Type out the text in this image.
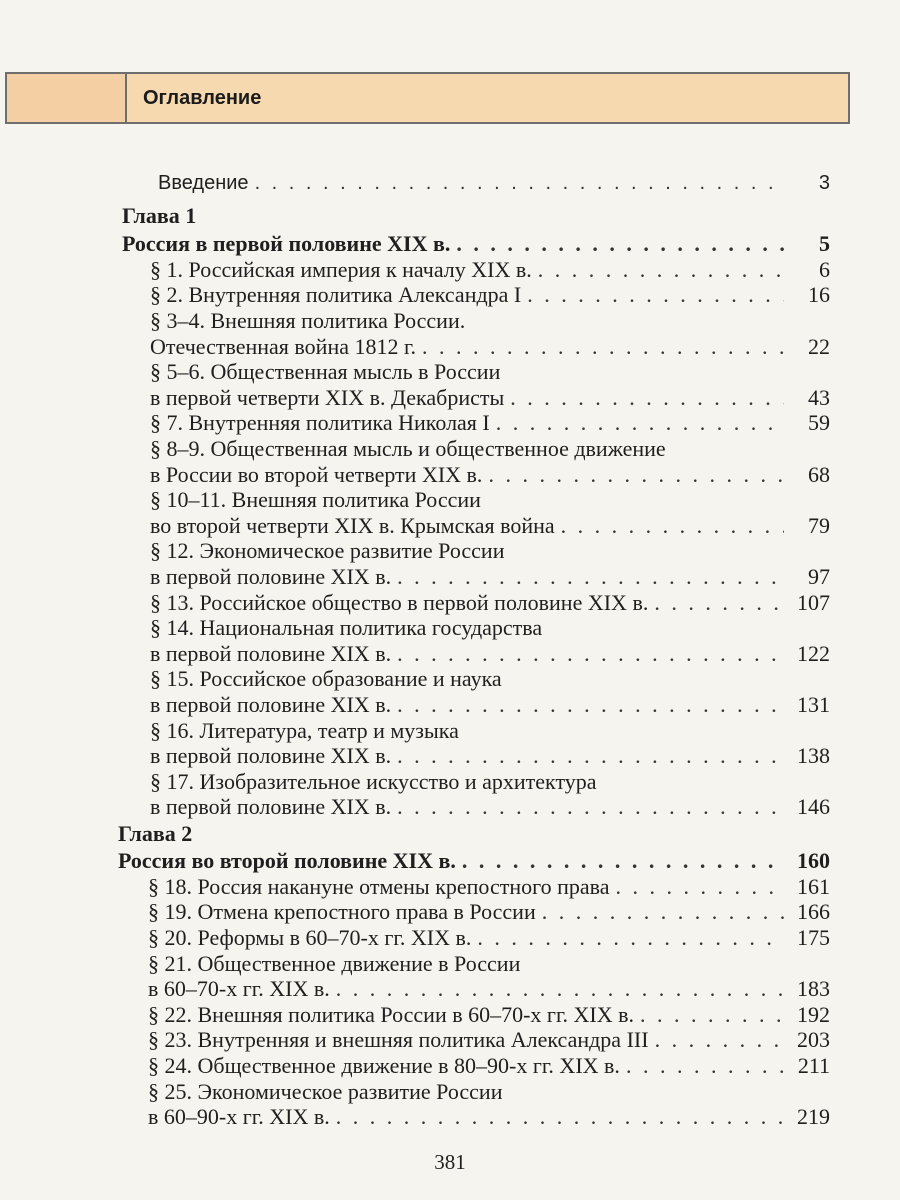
Оглавление
Введение . . .	3
Глава 1
Россия в первой половине XIX в. . . .	5
§ 1. Российская империя к началу XIX в. . . .	6
§ 2. Внутренняя политика Александра I . . .	16
§ 3–4. Внешняя политика России.
Отечественная война 1812 г. . . .	22
§ 5–6. Общественная мысль в России
в первой четверти XIX в. Декабристы . . .	43
§ 7. Внутренняя политика Николая I . . .	59
§ 8–9. Общественная мысль и общественное движение
в России во второй четверти XIX в. . . .	68
§ 10–11. Внешняя политика России
во второй четверти XIX в. Крымская война . . .	79
§ 12. Экономическое развитие России
в первой половине XIX в. . . .	97
§ 13. Российское общество в первой половине XIX в. . . .	107
§ 14. Национальная политика государства
в первой половине XIX в. . . .	122
§ 15. Российское образование и наука
в первой половине XIX в. . . .	131
§ 16. Литература, театр и музыка
в первой половине XIX в. . . .	138
§ 17. Изобразительное искусство и архитектура
в первой половине XIX в. . . .	146
Глава 2
Россия во второй половине XIX в. . . .	160
§ 18. Россия накануне отмены крепостного права . . .	161
§ 19. Отмена крепостного права в России . . .	166
§ 20. Реформы в 60–70-х гг. XIX в. . . .	175
§ 21. Общественное движение в России
в 60–70-х гг. XIX в. . . .	183
§ 22. Внешняя политика России в 60–70-х гг. XIX в. . . .	192
§ 23. Внутренняя и внешняя политика Александра III . . .	203
§ 24. Общественное движение в 80–90-х гг. XIX в. . . .	211
§ 25. Экономическое развитие России
в 60–90-х гг. XIX в. . . .	219
381
